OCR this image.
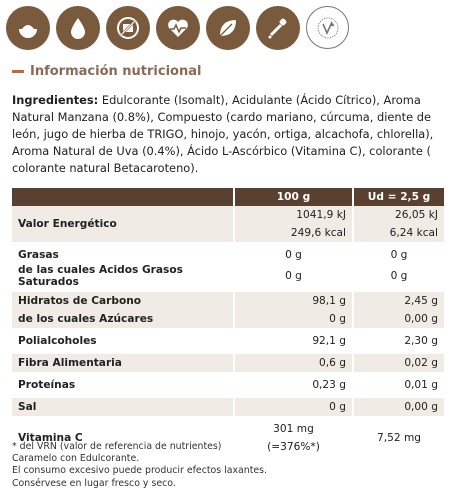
Información nutricional
Ingredientes: Edulcorante (Isomalt), Acidulante (Ácido Cítrico), Aroma Natural Manzana (0.8%), Compuesto (cardo mariano, cúrcuma, diente de león, jugo de hierba de TRIGO, hinojo, yacón, ortiga, alcachofa, chlorella), Aroma Natural de Uva (0.4%), Ácido L-Ascórbico (Vitamina C), colorante ( colorante natural Betacaroteno).
	100 g	Ud = 2,5 g
Valor Energético	1041,9 kJ	26,05 kJ
	249,6 kcal	6,24 kcal

Grasas	0 g	0 g
de las cuales Acidos Grasos Saturados	0 g	0 g

Hidratos de Carbono	98,1 g	2,45 g
de los cuales Azúcares	0 g	0,00 g

Polialcoholes	92,1 g	2,30 g

Fibra Alimentaria	0,6 g	0,02 g

Proteínas	0,23 g	0,01 g

Sal	0 g	0,00 g

Vitamina C	301 mg	7,52 mg
	(=376%*)	
* del VRN (valor de referencia de nutrientes)
Caramelo con Edulcorante.
El consumo excesivo puede producir efectos laxantes.
Consérvese en lugar fresco y seco.
